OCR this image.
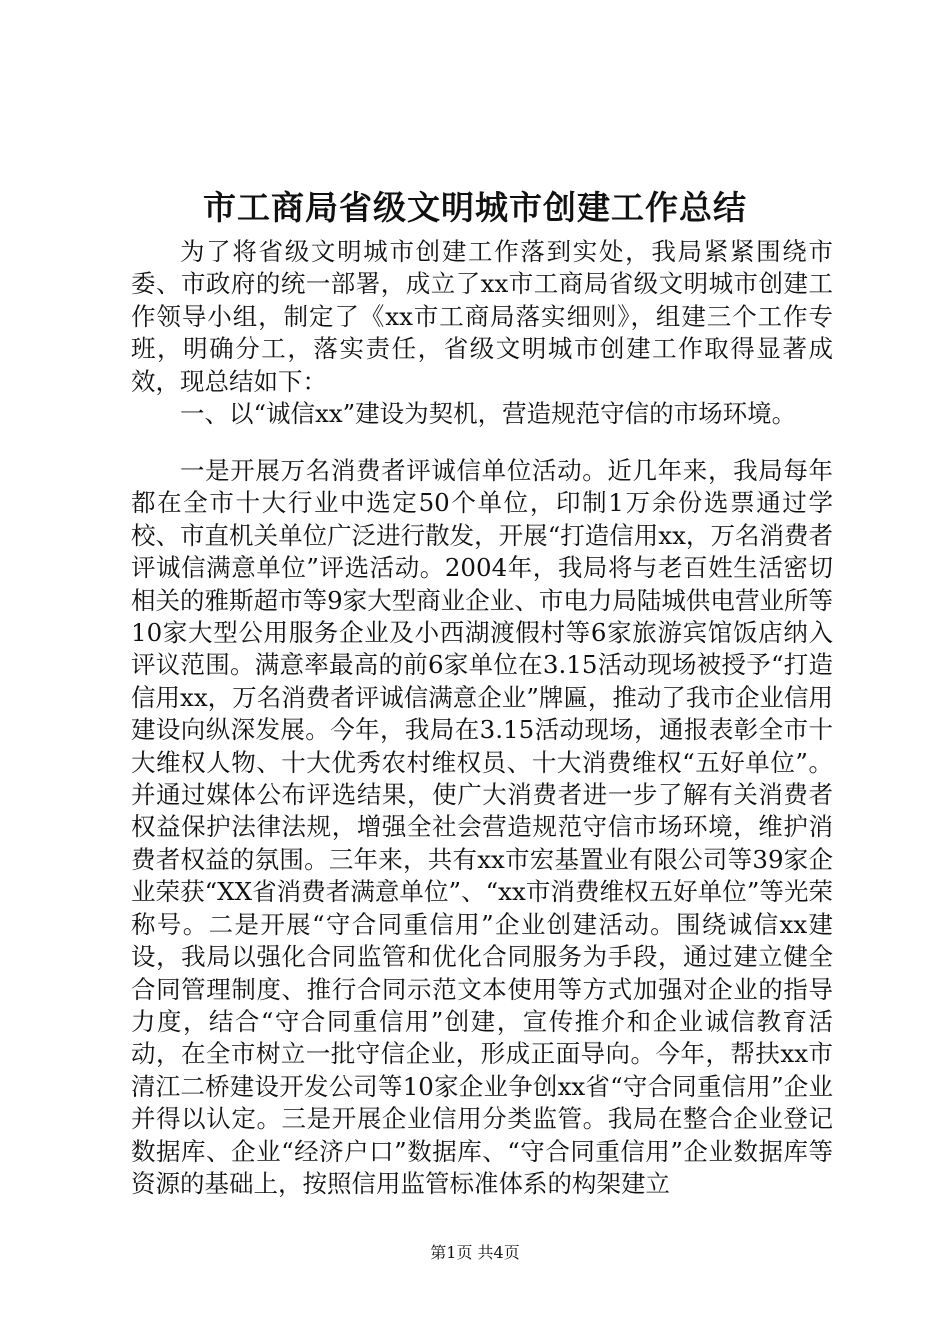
市工商局省级文明城市创建工作总结

为了将省级文明城市创建工作落到实处，我局紧紧围绕市委、市政府的统一部署，成立了xx市工商局省级文明城市创建工作领导小组，制定了《xx市工商局落实细则》，组建三个工作专班，明确分工，落实责任，省级文明城市创建工作取得显著成效，现总结如下：

一、以“诚信xx”建设为契机，营造规范守信的市场环境。

一是开展万名消费者评诚信单位活动。近几年来，我局每年都在全市十大行业中选定50个单位，印制1万余份选票通过学校、市直机关单位广泛进行散发，开展“打造信用xx，万名消费者评诚信满意单位”评选活动。2004年，我局将与老百姓生活密切相关的雅斯超市等9家大型商业企业、市电力局陆城供电营业所等10家大型公用服务企业及小西湖渡假村等6家旅游宾馆饭店纳入评议范围。满意率最高的前6家单位在3.15活动现场被授予“打造信用xx，万名消费者评诚信满意企业”牌匾，推动了我市企业信用建设向纵深发展。今年，我局在3.15活动现场，通报表彰全市十大维权人物、十大优秀农村维权员、十大消费维权“五好单位”。并通过媒体公布评选结果，使广大消费者进一步了解有关消费者权益保护法律法规，增强全社会营造规范守信市场环境，维护消费者权益的氛围。三年来，共有xx市宏基置业有限公司等39家企业荣获“XX省消费者满意单位”、“xx市消费维权五好单位”等光荣称号。二是开展“守合同重信用”企业创建活动。围绕诚信xx建设，我局以强化合同监管和优化合同服务为手段，通过建立健全合同管理制度、推行合同示范文本使用等方式加强对企业的指导力度，结合“守合同重信用”创建，宣传推介和企业诚信教育活动，在全市树立一批守信企业，形成正面导向。今年，帮扶xx市清江二桥建设开发公司等10家企业争创xx省“守合同重信用”企业并得以认定。三是开展企业信用分类监管。我局在整合企业登记数据库、企业“经济户口”数据库、“守合同重信用”企业数据库等资源的基础上，按照信用监管标准体系的构架建立

第1页 共4页
